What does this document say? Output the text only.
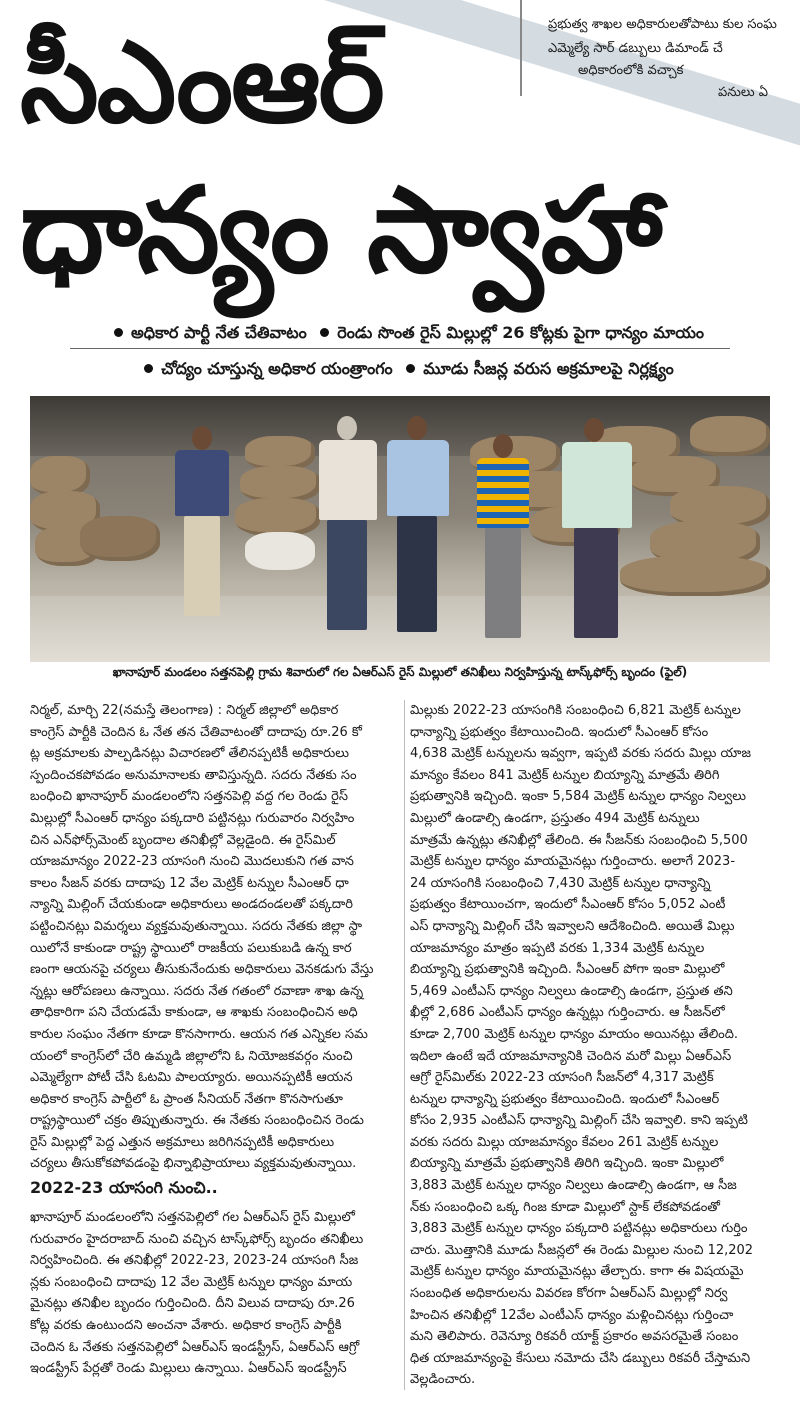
ప్రభుత్వ శాఖల అధికారులతోపాటు కుల సంఘ
ఎమ్మెల్యే సార్ డబ్బులు డిమాండ్ చే
అధికారంలోకి వచ్చాక
పనులు ఏ
సీఎంఆర్
ధాన్యం స్వాహా
అధికార పార్టీ నేత చేతివాటం రెండు సొంత రైస్ మిల్లుల్లో 26 కోట్లకు పైగా ధాన్యం మాయం
చోద్యం చూస్తున్న అధికార యంత్రాంగం మూడు సీజన్ల వరుస అక్రమాలపై నిర్లక్ష్యం
ఖానాపూర్ మండలం సత్తనపెల్లి గ్రామ శివారులో గల ఏఆర్ఎస్ రైస్ మిల్లులో తనిఖీలు నిర్వహిస్తున్న టాస్క్‌ఫోర్స్ బృందం (ఫైల్)

నిర్మల్, మార్చి 22(నమస్తే తెలంగాణ) : నిర్మల్ జిల్లాలో అధికార

కాంగ్రెస్ పార్టీకి చెందిన ఓ నేత తన చేతివాటంతో దాదాపు రూ.26 కో

ట్ల అక్రమాలకు పాల్పడినట్లు విచారణలో తేలినప్పటికీ అధికారులు

స్పందించకపోవడం అనుమానాలకు తావిస్తున్నది. సదరు నేతకు సం

బంధించి ఖానాపూర్ మండలంలోని సత్తనపెల్లి వద్ద గల రెండు రైస్

మిల్లుల్లో సీఎంఆర్ ధాన్యం పక్కదారి పట్టినట్లు గురువారం నిర్వహిం

చిన ఎన్‌ఫోర్స్‌మెంట్ బృందాల తనిఖీల్లో వెల్లడైంది. ఈ రైస్‌మిల్

యాజమాన్యం 2022-23 యాసంగి నుంచి మొదలుకుని గత వాన

కాలం సీజన్ వరకు దాదాపు 12 వేల మెట్రిక్ టన్నుల సీఎంఆర్ ధా

న్యాన్ని మిల్లింగ్ చేయకుండా అధికారులు అండదండలతో పక్కదారి

పట్టించినట్లు విమర్శలు వ్యక్తమవుతున్నాయి. సదరు నేతకు జిల్లా స్థా

యిలోనే కాకుండా రాష్ట్ర స్థాయిలో రాజకీయ పలుకుబడి ఉన్న కార

ణంగా ఆయనపై చర్యలు తీసుకునేందుకు అధికారులు వెనకడుగు వేస్తు

న్నట్లు ఆరోపణలు ఉన్నాయి. సదరు నేత గతంలో రవాణా శాఖ ఉన్న

తాధికారిగా పని చేయడమే కాకుండా, ఆ శాఖకు సంబంధించిన అధి

కారుల సంఘం నేతగా కూడా కొనసాగారు. ఆయన గత ఎన్నికల సమ

యంలో కాంగ్రెస్‌లో చేరి ఉమ్మడి జిల్లాలోని ఓ నియోజకవర్గం నుంచి

ఎమ్మెల్యేగా పోటీ చేసి ఓటమి పాలయ్యారు. అయినప్పటికీ ఆయన

అధికార కాంగ్రెస్ పార్టీలో ఓ ప్రాంత సీనియర్ నేతగా కొనసాగుతూ

రాష్ట్రస్థాయిలో చక్రం తిప్పుతున్నారు. ఈ నేతకు సంబంధించిన రెండు

రైస్ మిల్లుల్లో పెద్ద ఎత్తున అక్రమాలు జరిగినప్పటికీ అధికారులు

చర్యలు తీసుకోకపోవడంపై భిన్నాభిప్రాయాలు వ్యక్తమవుతున్నాయి.

2022-23 యాసంగి నుంచి..

ఖానాపూర్ మండలంలోని సత్తనపెల్లిలో గల ఏఆర్ఎస్ రైస్ మిల్లులో

గురువారం హైదరాబాద్ నుంచి వచ్చిన టాస్క్‌ఫోర్స్ బృందం తనిఖీలు

నిర్వహించింది. ఈ తనిఖీల్లో 2022-23, 2023-24 యాసంగి సీజ

న్లకు సంబంధించి దాదాపు 12 వేల మెట్రిక్ టన్నుల ధాన్యం మాయ

మైనట్లు తనిఖీల బృందం గుర్తించింది. దీని విలువ దాదాపు రూ.26

కోట్ల వరకు ఉంటుందని అంచనా వేశారు. అధికార కాంగ్రెస్ పార్టీకి

చెందిన ఓ నేతకు సత్తనపెల్లిలో ఏఆర్ఎస్ ఇండస్ట్రీస్, ఏఆర్ఎస్ ఆగ్రో

ఇండస్ట్రీస్ పేర్లతో రెండు మిల్లులు ఉన్నాయి. ఏఆర్ఎస్ ఇండస్ట్రీస్

మిల్లుకు 2022-23 యాసంగికి సంబంధించి 6,821 మెట్రిక్ టన్నుల

ధాన్యాన్ని ప్రభుత్వం కేటాయించింది. ఇందులో సీఎంఆర్ కోసం

4,638 మెట్రిక్ టన్నులను ఇవ్వగా, ఇప్పటి వరకు సదరు మిల్లు యాజ

మాన్యం కేవలం 841 మెట్రిక్ టన్నుల బియ్యాన్ని మాత్రమే తిరిగి

ప్రభుత్వానికి ఇచ్చింది. ఇంకా 5,584 మెట్రిక్ టన్నుల ధాన్యం నిల్వలు

మిల్లులో ఉండాల్సి ఉండగా, ప్రస్తుతం 494 మెట్రిక్ టన్నులు

మాత్రమే ఉన్నట్లు తనిఖీల్లో తేలింది. ఈ సీజన్‌కు సంబంధించి 5,500

మెట్రిక్ టన్నుల ధాన్యం మాయమైనట్లు గుర్తించారు. అలాగే 2023-

24 యాసంగికి సంబంధించి 7,430 మెట్రిక్ టన్నుల ధాన్యాన్ని

ప్రభుత్వం కేటాయించగా, ఇందులో సీఎంఆర్ కోసం 5,052 ఎంటీ

ఎస్ ధాన్యాన్ని మిల్లింగ్ చేసి ఇవ్వాలని ఆదేశించింది. అయితే మిల్లు

యాజమాన్యం మాత్రం ఇప్పటి వరకు 1,334 మెట్రిక్ టన్నుల

బియ్యాన్ని ప్రభుత్వానికి ఇచ్చింది. సీఎంఆర్ పోగా ఇంకా మిల్లులో

5,469 ఎంటీఎస్ ధాన్యం నిల్వలు ఉండాల్సి ఉండగా, ప్రస్తుత తని

ఖీల్లో 2,686 ఎంటీఎస్ ధాన్యం ఉన్నట్లు గుర్తించారు. ఆ సీజన్‌లో

కూడా 2,700 మెట్రిక్ టన్నుల ధాన్యం మాయం అయినట్లు తేలింది.

ఇదిలా ఉంటే ఇదే యాజమాన్యానికి చెందిన మరో మిల్లు ఏఆర్ఎస్

ఆగ్రో రైస్‌మిల్‌కు 2022-23 యాసంగి సీజన్‌లో 4,317 మెట్రిక్

టన్నుల ధాన్యాన్ని ప్రభుత్వం కేటాయించింది. ఇందులో సీఎంఆర్

కోసం 2,935 ఎంటీఎస్ ధాన్యాన్ని మిల్లింగ్ చేసి ఇవ్వాలి. కాని ఇప్పటి

వరకు సదరు మిల్లు యాజమాన్యం కేవలం 261 మెట్రిక్ టన్నుల

బియ్యాన్ని మాత్రమే ప్రభుత్వానికి తిరిగి ఇచ్చింది. ఇంకా మిల్లులో

3,883 మెట్రిక్ టన్నుల ధాన్యం నిల్వలు ఉండాల్సి ఉండగా, ఆ సీజ

న్‌కు సంబంధించి ఒక్క గింజ కూడా మిల్లులో స్టాక్ లేకపోవడంతో

3,883 మెట్రిక్ టన్నుల ధాన్యం పక్కదారి పట్టినట్లు అధికారులు గుర్తిం

చారు. మొత్తానికి మూడు సీజన్లలో ఈ రెండు మిల్లుల నుంచి 12,202

మెట్రిక్ టన్నుల ధాన్యం మాయమైనట్లు తేల్చారు. కాగా ఈ విషయమై

సంబంధిత అధికారులను వివరణ కోరగా ఏఆర్ఎస్ మిల్లుల్లో నిర్వ

హించిన తనిఖీల్లో 12వేల ఎంటీఎస్ ధాన్యం మళ్లించినట్లు గుర్తించా

మని తెలిపారు. రెవెన్యూ రికవరీ యాక్ట్ ప్రకారం అవసరమైతే సంబం

ధిత యాజమాన్యంపై కేసులు నమోదు చేసి డబ్బులు రికవరీ చేస్తామని

వెల్లడించారు.
